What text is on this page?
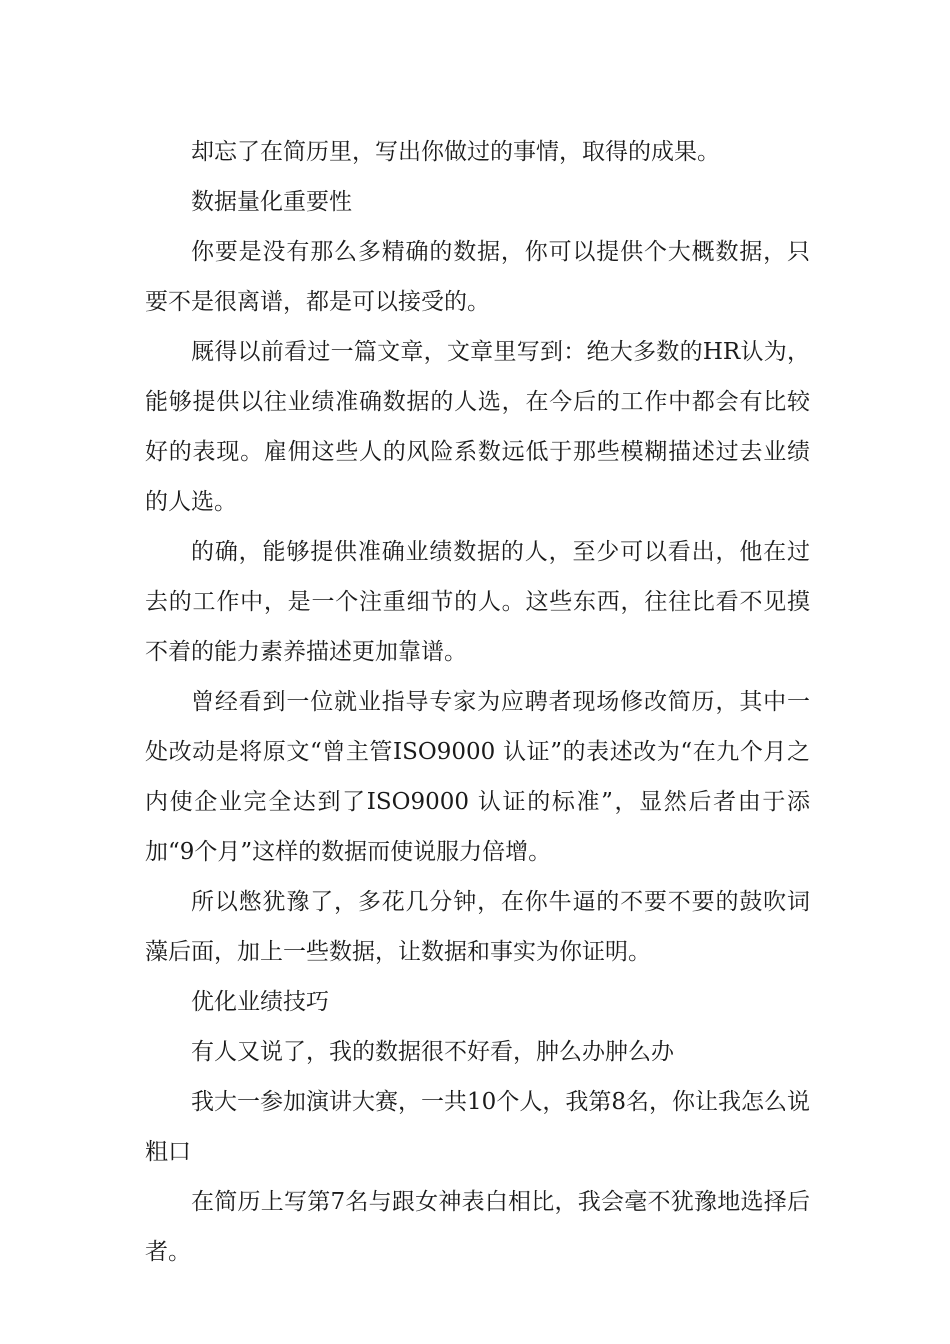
却忘了在简历里，写出你做过的事情，取得的成果。

数据量化重要性

你要是没有那么多精确的数据，你可以提供个大概数据，只要不是很离谱，都是可以接受的。

厩得以前看过一篇文章，文章里写到：绝大多数的HR认为，能够提供以往业绩准确数据的人选，在今后的工作中都会有比较好的表现。雇佣这些人的风险系数远低于那些模糊描述过去业绩的人选。

的确，能够提供准确业绩数据的人，至少可以看出，他在过去的工作中，是一个注重细节的人。这些东西，往往比看不见摸不着的能力素养描述更加靠谱。

曾经看到一位就业指导专家为应聘者现场修改简历，其中一处改动是将原文“曾主管ISO9000 认证”的表述改为“在九个月之内使企业完全达到了ISO9000 认证的标准”，显然后者由于添加“9个月”这样的数据而使说服力倍增。

所以憋犹豫了，多花几分钟，在你牛逼的不要不要的鼓吹词藻后面，加上一些数据，让数据和事实为你证明。

优化业绩技巧

有人又说了，我的数据很不好看，肿么办肿么办

我大一参加演讲大赛，一共10个人，我第8名，你让我怎么说粗口

在简历上写第7名与跟女神表白相比，我会毫不犹豫地选择后者。
